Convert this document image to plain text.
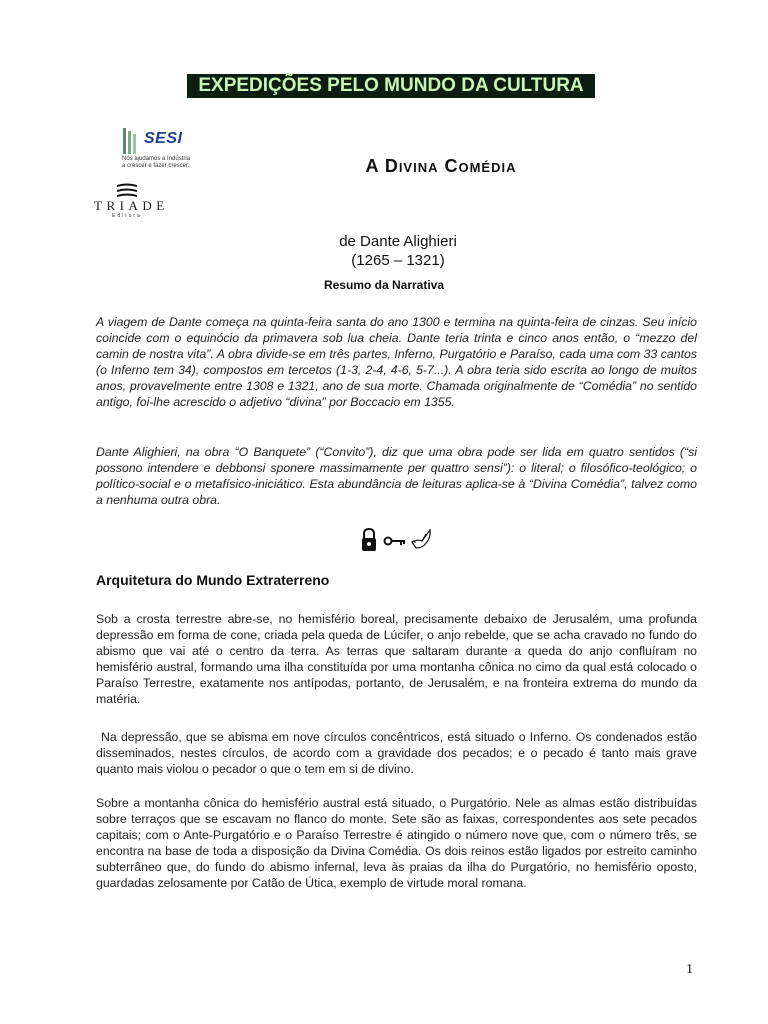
EXPEDIÇÕES PELO MUNDO DA CULTURA
SESI
Nós ajudamos a Indústria
a crescer e fazer crescer.
TRIADE
Editora
A Divina Comédia
de Dante Alighieri
(1265 – 1321)
Resumo da Narrativa

A viagem de Dante começa na quinta-feira santa do ano 1300 e termina na quinta-feira de cinzas. Seu início coincide com o equinócio da primavera sob lua cheia. Dante teria trinta e cinco anos então, o “mezzo del camin de nostra vita”. A obra divide-se em três partes, Inferno, Purgatório e Paraíso, cada uma com 33 cantos (o Inferno tem 34), compostos em tercetos (1-3, 2-4, 4-6, 5-7...). A obra teria sido escrita ao longo de muitos anos, provavelmente entre 1308 e 1321, ano de sua morte. Chamada originalmente de “Comédia” no sentido antigo, foi-lhe acrescido o adjetivo “divina” por Boccacio em 1355.

Dante Alighieri, na obra “O Banquete” (“Convito”), diz que uma obra pode ser lida em quatro sentidos (“si possono intendere e debbonsi sponere massimamente per quattro sensi”): o literal; o filosófico-teológico; o político-social e o metafísico-iniciático. Esta abundância de leituras aplica-se à “Divina Comédia”, talvez como a nenhuma outra obra.

Arquitetura do Mundo Extraterreno

Sob a crosta terrestre abre-se, no hemisfério boreal, precisamente debaixo de Jerusalém, uma profunda depressão em forma de cone, criada pela queda de Lúcifer, o anjo rebelde, que se acha cravado no fundo do abismo que vai até o centro da terra. As terras que saltaram durante a queda do anjo confluíram no hemisfério austral, formando uma ilha constituída por uma montanha cônica no cimo da qual está colocado o Paraíso Terrestre, exatamente nos antípodas, portanto, de Jerusalém, e na fronteira extrema do mundo da matéria.

Na depressão, que se abisma em nove círculos concêntricos, está situado o Inferno. Os condenados estão disseminados, nestes círculos, de acordo com a gravidade dos pecados; e o pecado é tanto mais grave quanto mais violou o pecador o que o tem em si de divino.

Sobre a montanha cônica do hemisfério austral está situado, o Purgatório. Nele as almas estão distribuídas sobre terraços que se escavam no flanco do monte. Sete são as faixas, correspondentes aos sete pecados capitais; com o Ante-Purgatório e o Paraíso Terrestre é atingido o número nove que, com o número três, se encontra na base de toda a disposição da Divina Comédia. Os dois reinos estão ligados por estreito caminho subterrâneo que, do fundo do abismo infernal, leva às praias da ilha do Purgatório, no hemisfério oposto, guardadas zelosamente por Catão de Útica, exemplo de virtude moral romana.

1
